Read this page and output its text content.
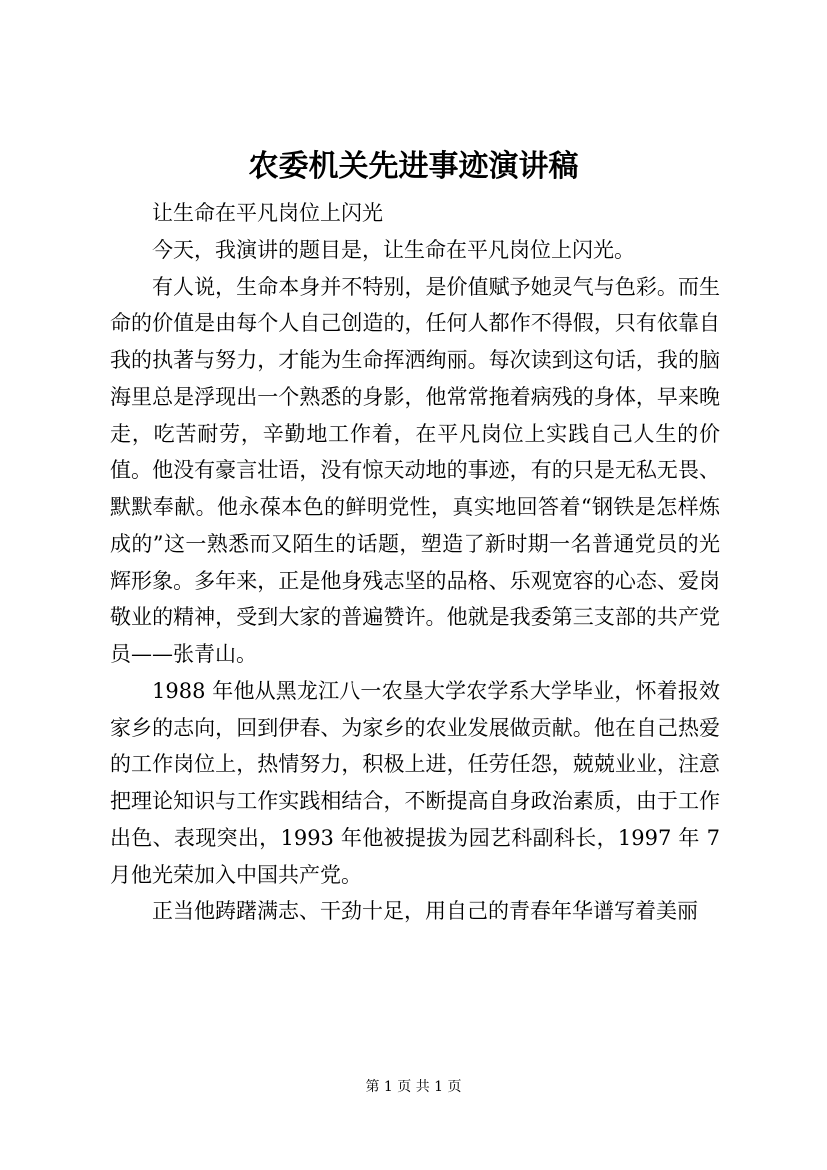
农委机关先进事迹演讲稿

让生命在平凡岗位上闪光

今天，我演讲的题目是，让生命在平凡岗位上闪光。

有人说，生命本身并不特别，是价值赋予她灵气与色彩。而生命的价值是由每个人自己创造的，任何人都作不得假，只有依靠自我的执著与努力，才能为生命挥洒绚丽。每次读到这句话，我的脑海里总是浮现出一个熟悉的身影，他常常拖着病残的身体，早来晚走，吃苦耐劳，辛勤地工作着，在平凡岗位上实践自己人生的价值。他没有豪言壮语，没有惊天动地的事迹，有的只是无私无畏、默默奉献。他永葆本色的鲜明党性，真实地回答着“钢铁是怎样炼成的”这一熟悉而又陌生的话题，塑造了新时期一名普通党员的光辉形象。多年来，正是他身残志坚的品格、乐观宽容的心态、爱岗敬业的精神，受到大家的普遍赞许。他就是我委第三支部的共产党员——张青山。

1988 年他从黑龙江八一农垦大学农学系大学毕业，怀着报效家乡的志向，回到伊春、为家乡的农业发展做贡献。他在自己热爱的工作岗位上，热情努力，积极上进，任劳任怨，兢兢业业，注意把理论知识与工作实践相结合，不断提高自身政治素质，由于工作出色、表现突出，1993 年他被提拔为园艺科副科长，1997 年 7 月他光荣加入中国共产党。

正当他踌躇满志、干劲十足，用自己的青春年华谱写着美丽

第 1 页 共 1 页
